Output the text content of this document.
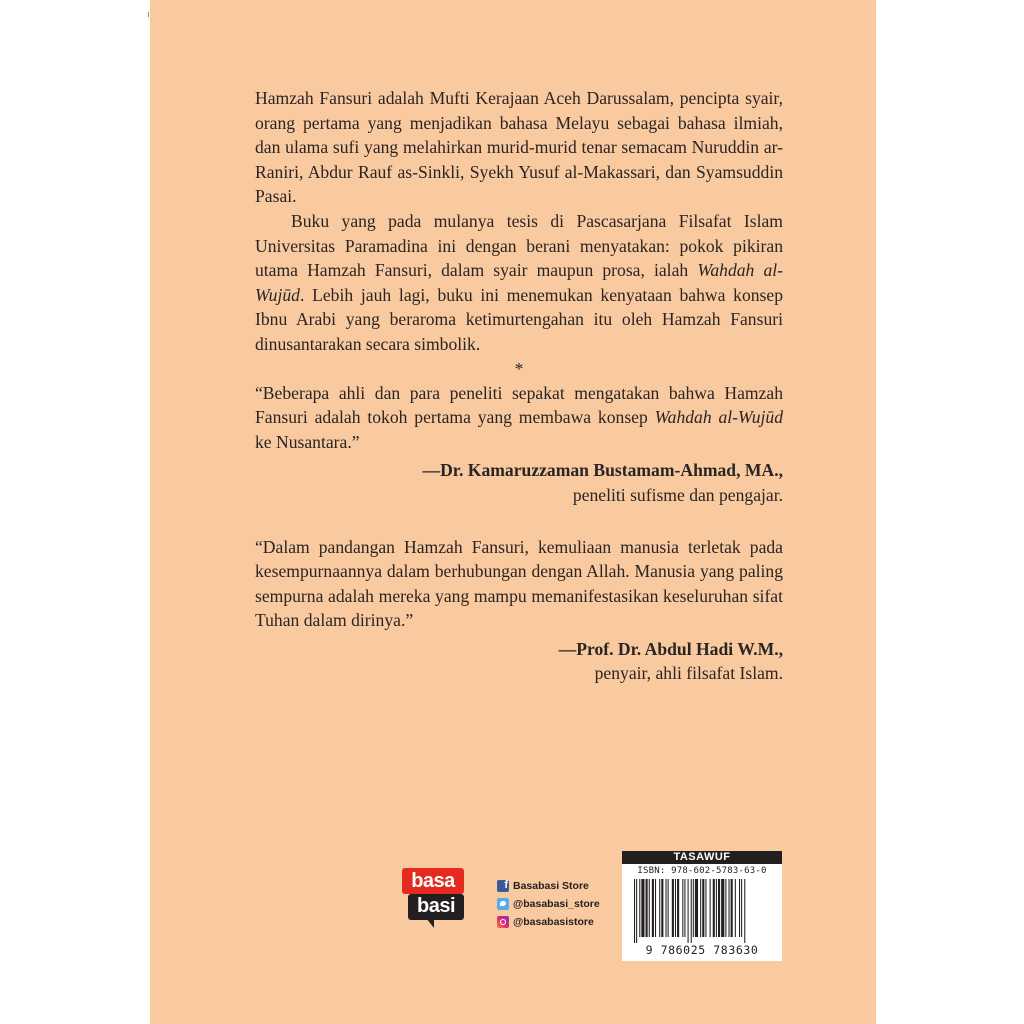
Hamzah Fansuri adalah Mufti Kerajaan Aceh Darussalam, pencipta syair, orang pertama yang menjadikan bahasa Melayu sebagai bahasa ilmiah, dan ulama sufi yang melahirkan murid-murid tenar semacam Nuruddin ar-Raniri, Abdur Rauf as-Sinkli, Syekh Yusuf al-Makassari, dan Syamsuddin Pasai.

Buku yang pada mulanya tesis di Pascasarjana Filsafat Islam Universitas Paramadina ini dengan berani menyatakan: pokok pikiran utama Hamzah Fansuri, dalam syair maupun prosa, ialah Wahdah al-Wujūd. Lebih jauh lagi, buku ini menemukan kenyataan bahwa konsep Ibnu Arabi yang beraroma ketimurtengahan itu oleh Hamzah Fansuri dinusantarakan secara simbolik.

*

“Beberapa ahli dan para peneliti sepakat mengatakan bahwa Hamzah Fansuri adalah tokoh pertama yang membawa konsep Wahdah al-Wujūd ke Nusantara.”

—Dr. Kamaruzzaman Bustamam-Ahmad, MA.,
peneliti sufisme dan pengajar.

“Dalam pandangan Hamzah Fansuri, kemuliaan manusia terletak pada kesempurnaannya dalam berhubungan dengan Allah. Manusia yang paling sempurna adalah mereka yang mampu memanifestasikan keseluruhan sifat Tuhan dalam dirinya.”

—Prof. Dr. Abdul Hadi W.M.,
penyair, ahli filsafat Islam.
basa
basi
f
Basabasi Store
@basabasi_store
@basabasistore
TASAWUF
ISBN: 978-602-5783-63-0
9 786025 783630
